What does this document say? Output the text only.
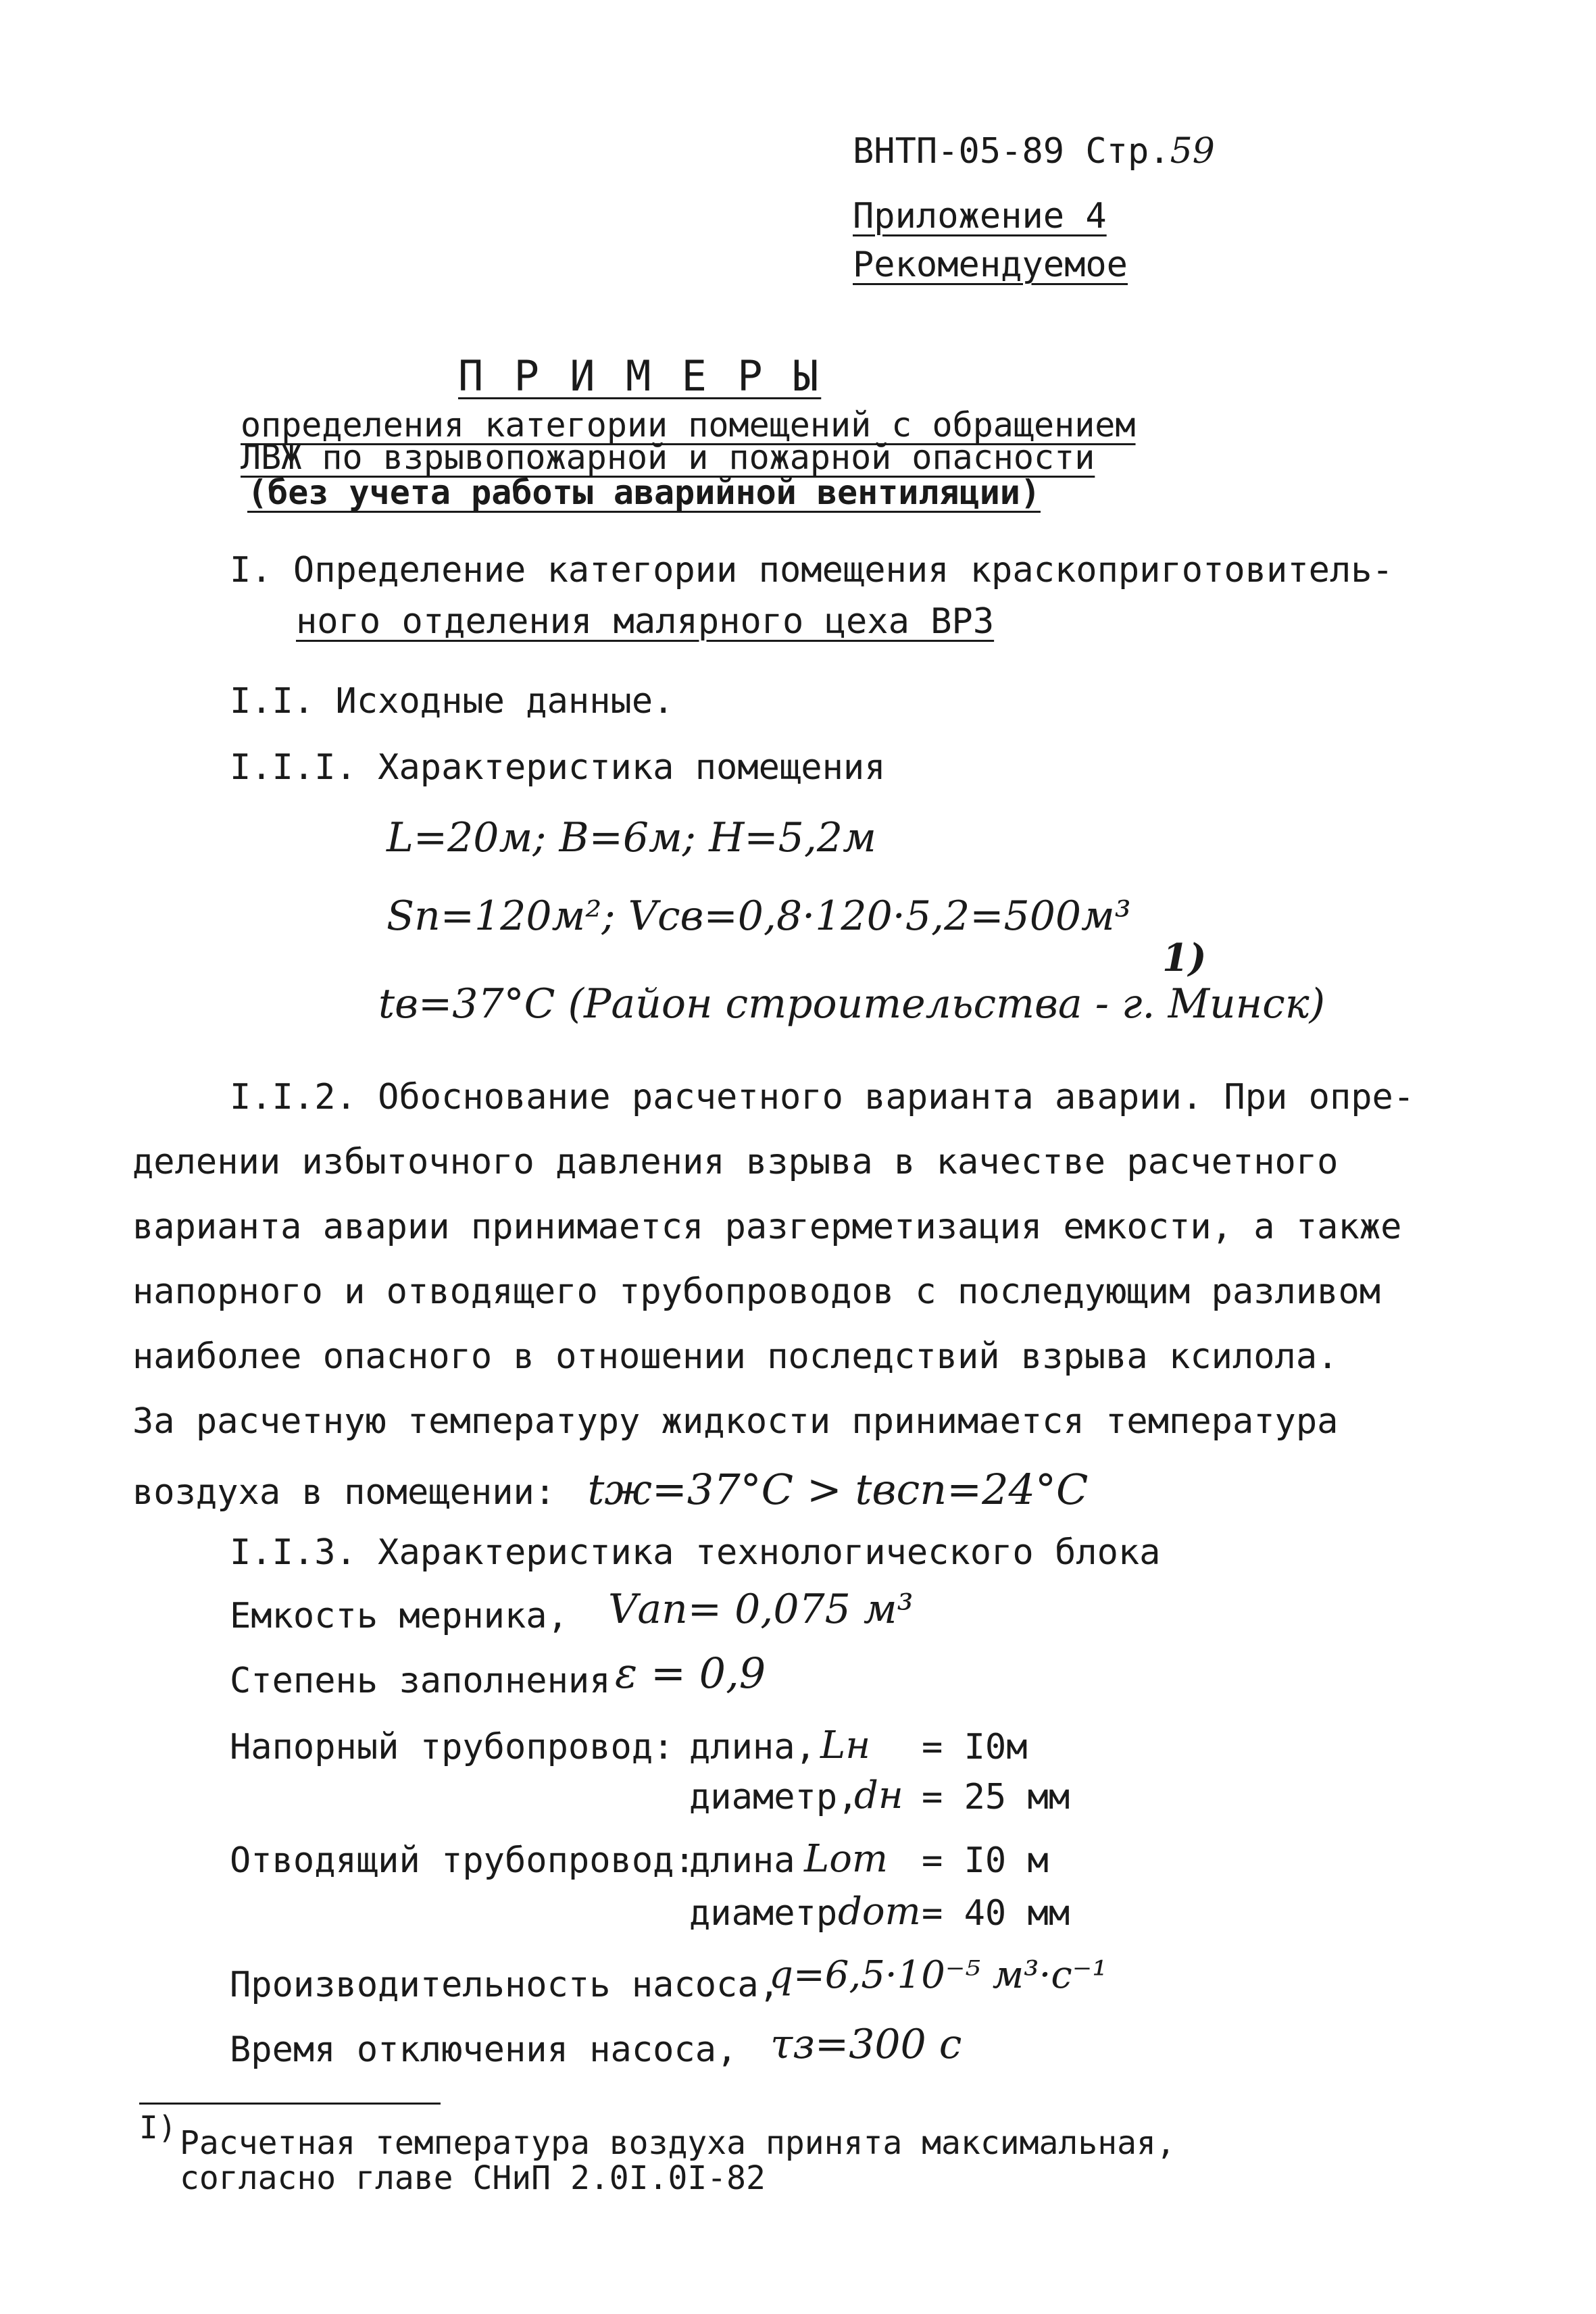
ВНТП-05-89 Стр.59
Приложение 4
Рекомендуемое
П Р И М Е Р Ы
определения категории помещений с обращением
ЛВЖ по взрывопожарной и пожарной опасности
(без учета работы аварийной вентиляции)
I. Определение категории помещения краскоприготовитель-
ного отделения малярного цеха ВРЗ
I.I. Исходные данные.
I.I.I. Характеристика помещения
L=20м; B=6м; H=5,2м
Sп=120м²; Vсв=0,8·120·5,2=500м³
tв=37°С (Район строительства - г. Минск)
1)
I.I.2. Обоснование расчетного варианта аварии. При опре-
делении избыточного давления взрыва в качестве расчетного
варианта аварии принимается разгерметизация емкости, а также
напорного и отводящего трубопроводов с последующим разливом
наиболее опасного в отношении последствий взрыва ксилола.
За расчетную температуру жидкости принимается температура
воздуха в помещении: tж=37°С > tвсп=24°С
I.I.3. Характеристика технологического блока
Емкость мерника, Vап= 0,075 м³
Степень заполнения ε = 0,9
Напорный трубопровод: длина, Lн = I0м
диаметр,
dн = 25 мм
Отводящий трубопровод:
длина Lот = I0 м
диаметр dот = 40 мм
Производительность насоса,
q=6,5·10⁻⁵ м³·с⁻¹
Время отключения насоса, τз=300 с
I) Расчетная температура воздуха принята максимальная,
согласно главе СНиП 2.0I.0I-82
